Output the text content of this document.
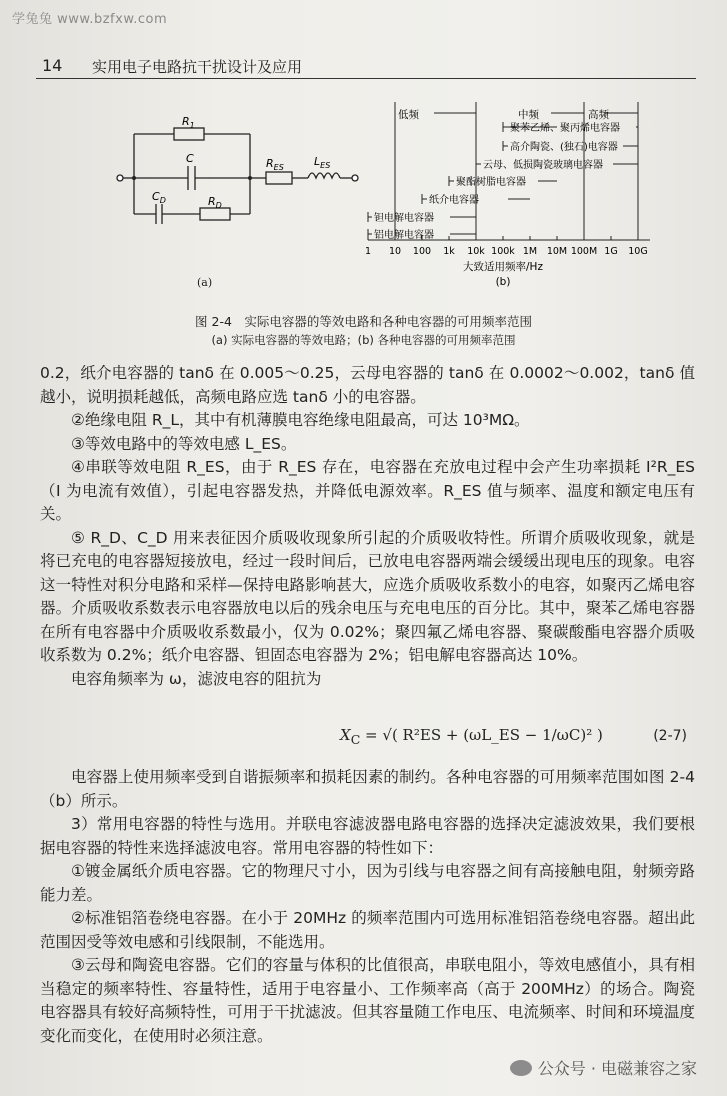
学兔兔 www.bzfxw.com
14 实用电子电路抗干扰设计及应用
$R_1$
C
$C_D$	$R_D$
$R_{ES}$	$L_{ES}$
低频	中频	高频
聚苯乙烯、聚丙烯电容器
高介陶瓷、(独石)电容器
云母、低损陶瓷玻璃电容器
聚酯树脂电容器
纸介电容器
钽电解电容器
铝电解电容器
1 10 100 1k 10k 100k 1M 10M 100M 1G 10G
大致适用频率/Hz
(b)
(a)
图 2-4　实际电容器的等效电路和各种电容器的可用频率范围
(a) 实际电容器的等效电路；(b) 各种电容器的可用频率范围

0.2，纸介电容器的 tanδ 在 0.005～0.25，云母电容器的 tanδ 在 0.0002～0.002，tanδ 值越小，说明损耗越低，高频电路应选 tanδ 小的电容器。

②绝缘电阻 R_L，其中有机薄膜电容绝缘电阻最高，可达 10³MΩ。

③等效电路中的等效电感 L_ES。

④串联等效电阻 R_ES，由于 R_ES 存在，电容器在充放电过程中会产生功率损耗 I²R_ES（I 为电流有效值），引起电容器发热，并降低电源效率。R_ES 值与频率、温度和额定电压有关。

⑤ R_D、C_D 用来表征因介质吸收现象所引起的介质吸收特性。所谓介质吸收现象，就是将已充电的电容器短接放电，经过一段时间后，已放电电容器两端会缓缓出现电压的现象。电容这一特性对积分电路和采样—保持电路影响甚大，应选介质吸收系数小的电容，如聚丙乙烯电容器。介质吸收系数表示电容器放电以后的残余电压与充电电压的百分比。其中，聚苯乙烯电容器在所有电容器中介质吸收系数最小，仅为 0.02%；聚四氟乙烯电容器、聚碳酸酯电容器介质吸收系数为 0.2%；纸介电容器、钽固态电容器为 2%；铝电解电容器高达 10%。

电容角频率为 ω，滤波电容的阻抗为

$X_C$ = √( R²ES + (ωL_ES − 1/ωC)² )	(2-7)

电容器上使用频率受到自谐振频率和损耗因素的制约。各种电容器的可用频率范围如图 2-4（b）所示。

3）常用电容器的特性与选用。并联电容滤波器电路电容器的选择决定滤波效果，我们要根据电容器的特性来选择滤波电容。常用电容器的特性如下：

①镀金属纸介质电容器。它的物理尺寸小，因为引线与电容器之间有高接触电阻，射频旁路能力差。

②标准铝箔卷绕电容器。在小于 20MHz 的频率范围内可选用标准铝箔卷绕电容器。超出此范围因受等效电感和引线限制，不能选用。

③云母和陶瓷电容器。它们的容量与体积的比值很高，串联电阻小，等效电感值小，具有相当稳定的频率特性、容量特性，适用于电容量小、工作频率高（高于 200MHz）的场合。陶瓷电容器具有较好高频特性，可用于干扰滤波。但其容量随工作电压、电流频率、时间和环境温度变化而变化，在使用时必须注意。

公众号 · 电磁兼容之家
